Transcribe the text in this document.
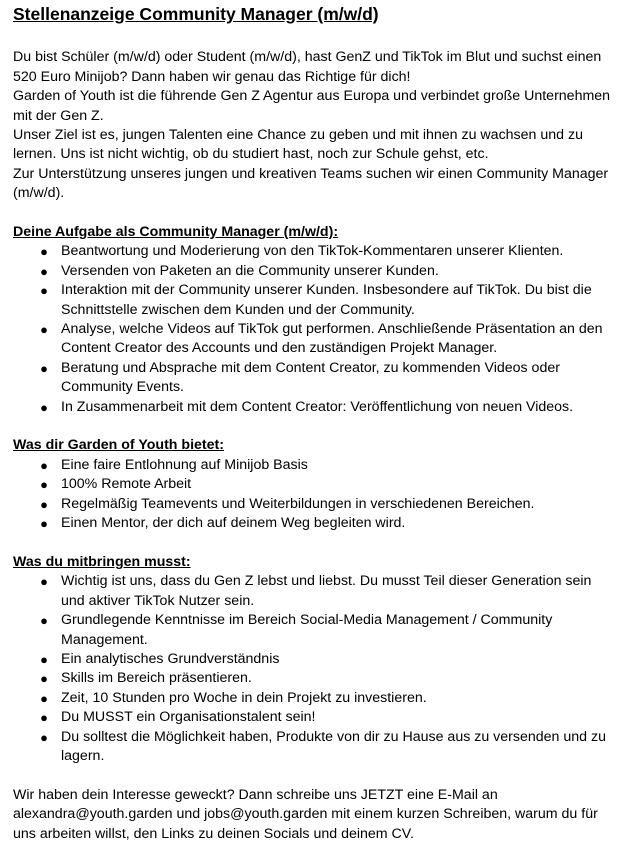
Stellenanzeige Community Manager (m/w/d)

Du bist Schüler (m/w/d) oder Student (m/w/d), hast GenZ und TikTok im Blut und suchst einen 520 Euro Minijob? Dann haben wir genau das Richtige für dich!

Garden of Youth ist die führende Gen Z Agentur aus Europa und verbindet große Unternehmen mit der Gen Z.

Unser Ziel ist es, jungen Talenten eine Chance zu geben und mit ihnen zu wachsen und zu lernen. Uns ist nicht wichtig, ob du studiert hast, noch zur Schule gehst, etc.

Zur Unterstützung unseres jungen und kreativen Teams suchen wir einen Community Manager (m/w/d).

Deine Aufgabe als Community Manager (m/w/d):
● Beantwortung und Moderierung von den TikTok-Kommentaren unserer Klienten.
● Versenden von Paketen an die Community unserer Kunden.
● Interaktion mit der Community unserer Kunden. Insbesondere auf TikTok. Du bist die Schnittstelle zwischen dem Kunden und der Community.
● Analyse, welche Videos auf TikTok gut performen. Anschließende Präsentation an den Content Creator des Accounts und den zuständigen Projekt Manager.
● Beratung und Absprache mit dem Content Creator, zu kommenden Videos oder Community Events.
● In Zusammenarbeit mit dem Content Creator: Veröffentlichung von neuen Videos.
Was dir Garden of Youth bietet:
● Eine faire Entlohnung auf Minijob Basis
● 100% Remote Arbeit
● Regelmäßig Teamevents und Weiterbildungen in verschiedenen Bereichen.
● Einen Mentor, der dich auf deinem Weg begleiten wird.
Was du mitbringen musst:
● Wichtig ist uns, dass du Gen Z lebst und liebst. Du musst Teil dieser Generation sein und aktiver TikTok Nutzer sein.
● Grundlegende Kenntnisse im Bereich Social-Media Management / Community Management.
● Ein analytisches Grundverständnis
● Skills im Bereich präsentieren.
● Zeit, 10 Stunden pro Woche in dein Projekt zu investieren.
● Du MUSST ein Organisationstalent sein!
● Du solltest die Möglichkeit haben, Produkte von dir zu Hause aus zu versenden und zu lagern.

Wir haben dein Interesse geweckt? Dann schreibe uns JETZT eine E-Mail an alexandra@youth.garden und jobs@youth.garden mit einem kurzen Schreiben, warum du für uns arbeiten willst, den Links zu deinen Socials und deinem CV.
